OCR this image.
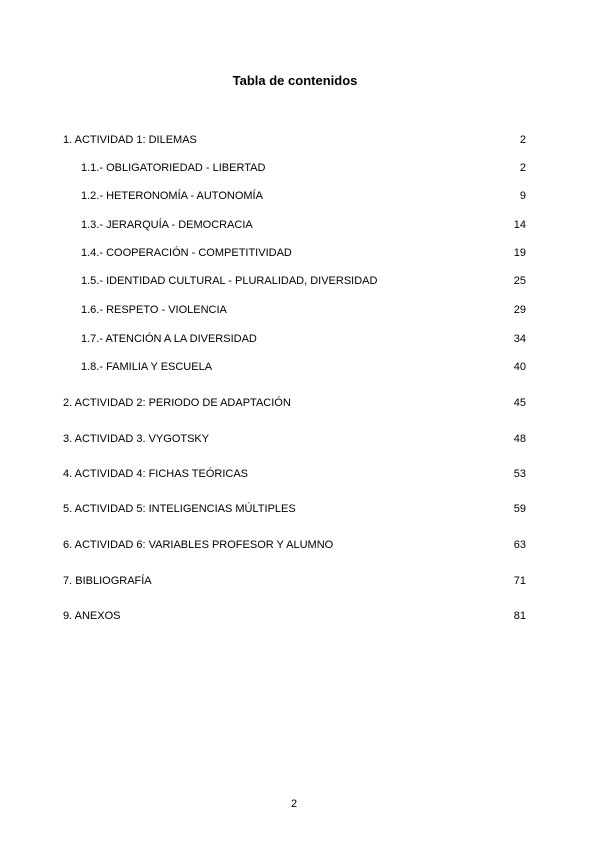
Tabla de contenidos
1. ACTIVIDAD 1: DILEMAS	2
1.1.- OBLIGATORIEDAD - LIBERTAD	2
1.2.- HETERONOMÍA - AUTONOMÍA	9
1.3.- JERARQUÍA - DEMOCRACIA	14
1.4.- COOPERACIÓN - COMPETITIVIDAD	19
1.5.- IDENTIDAD CULTURAL - PLURALIDAD, DIVERSIDAD	25
1.6.- RESPETO - VIOLENCIA	29
1.7.- ATENCIÓN A LA DIVERSIDAD	34
1.8.- FAMILIA Y ESCUELA	40
2. ACTIVIDAD 2: PERIODO DE ADAPTACIÓN	45
3. ACTIVIDAD 3. VYGOTSKY	48
4. ACTIVIDAD 4: FICHAS TEÓRICAS	53
5. ACTIVIDAD 5: INTELIGENCIAS MÚLTIPLES	59
6. ACTIVIDAD 6: VARIABLES PROFESOR Y ALUMNO	63
7. BIBLIOGRAFÍA	71
9. ANEXOS	81
2
